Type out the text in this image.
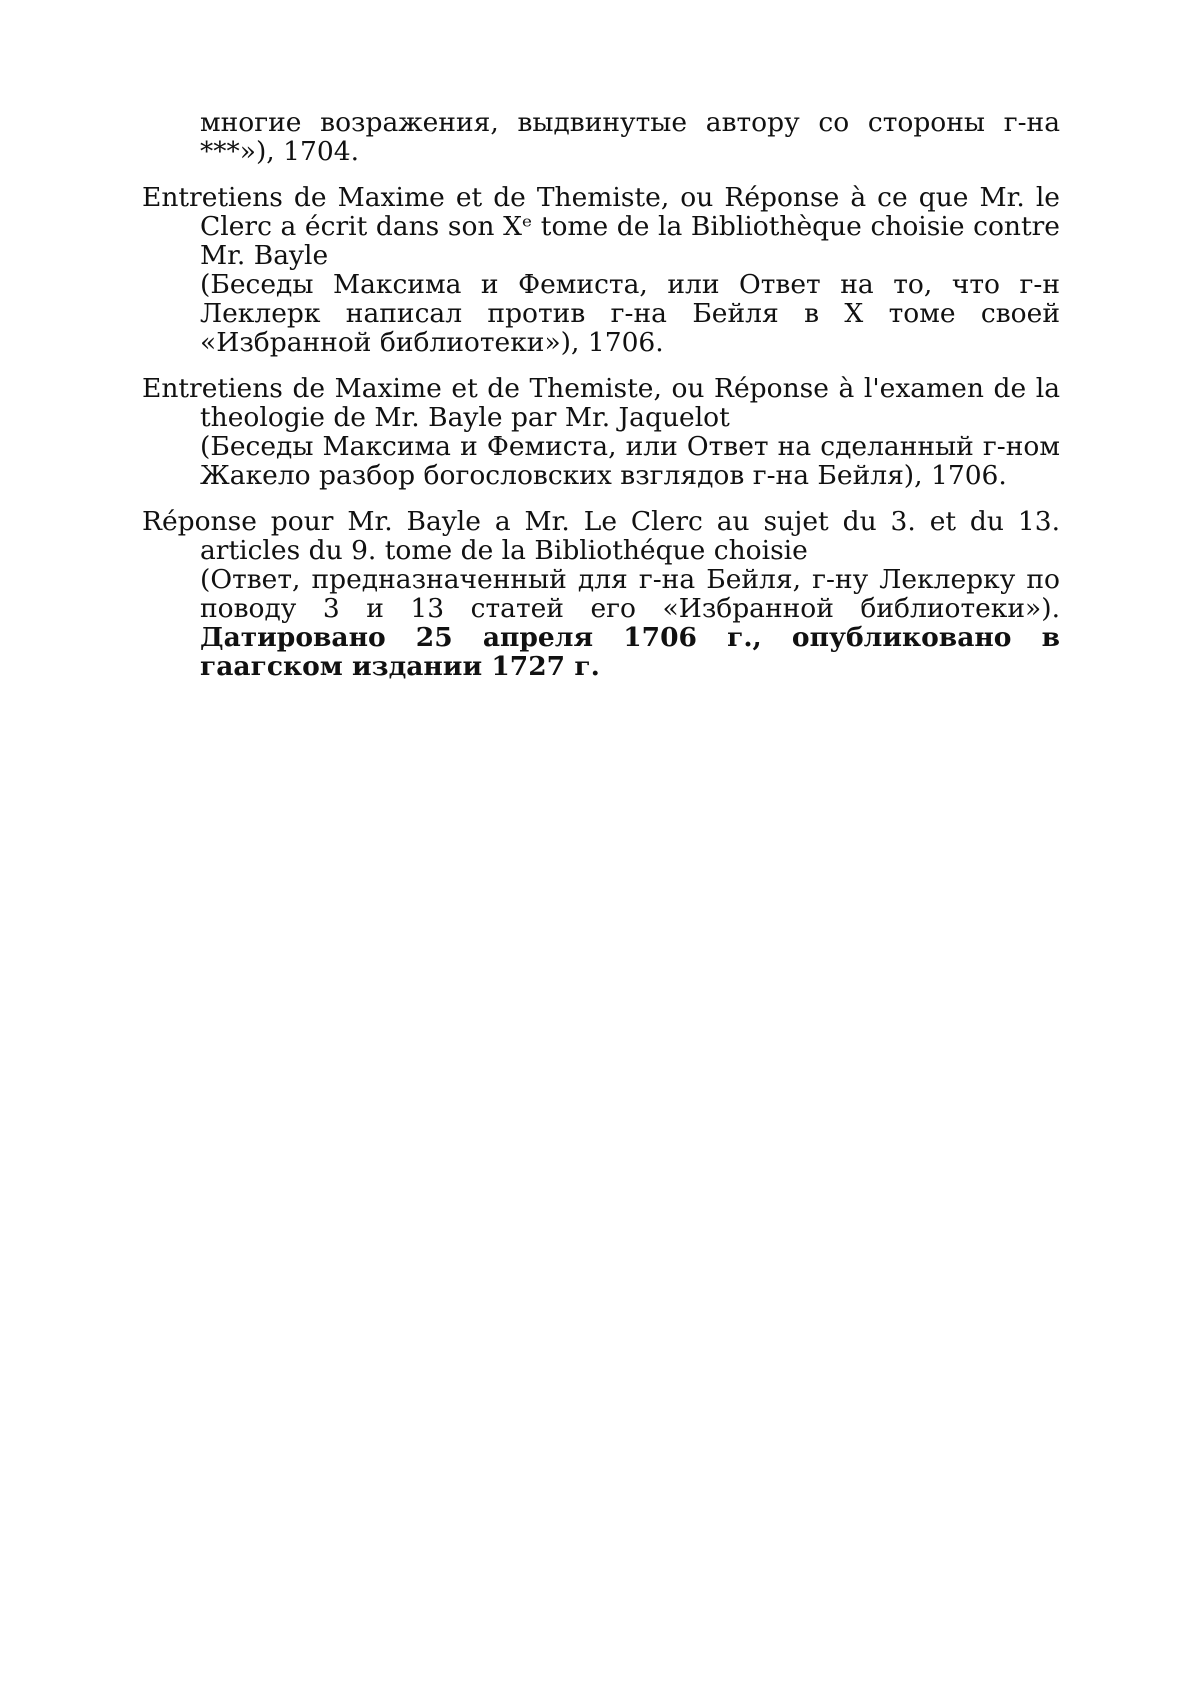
многие возражения, выдвинутые автору со стороны г-на ***»), 1704.

Entretiens de Maxime et de Themiste, ou Réponse à ce que Mr. le Clerc a écrit dans son Xᵉ tome de la Bibliothèque choisie contre Mr. Bayle
(Беседы Максима и Фемиста, или Ответ на то, что г-н Леклерк написал против г-на Бейля в X томе своей «Избранной библиотеки»), 1706.
Entretiens de Maxime et de Themiste, ou Réponse à l'examen de la theologie de Mr. Bayle par Mr. Jaquelot
(Беседы Максима и Фемиста, или Ответ на сделанный г-ном Жакело разбор богословских взглядов г-на Бейля), 1706.
Réponse pour Mr. Bayle a Mr. Le Clerc au sujet du 3. et du 13. articles du 9. tome de la Bibliothéque choisie
(Ответ, предназначенный для г-на Бейля, г-ну Леклерку по поводу 3 и 13 статей его «Избранной библиотеки»). Датировано 25 апреля 1706 г., опубликовано в гаагском издании 1727 г.
